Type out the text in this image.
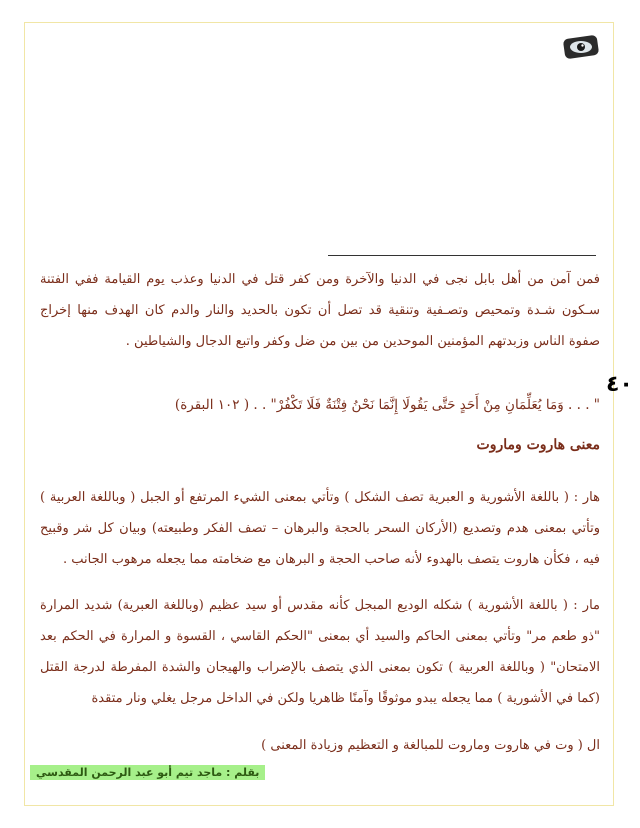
فمن آمن من أهل بابل نجى في الدنيا والآخرة ومن كفر قتل في الدنيا وعذب يوم القيامة ففي الفتنة سـكون شـدة وتمحيص وتصـفية وتنقية قد تصل أن تكون بالحديد والنار والدم كان الهدف منها إخراج صفوة الناس وزبدتهم المؤمنين الموحدين من بين من ضل وكفر واتبع الدجال والشياطين .

٤٠
" . . . وَمَا يُعَلِّمَانِ مِنْ أَحَدٍ حَتَّى يَقُولَا إِنَّمَا نَحْنُ فِتْنَةٌ فَلَا تَكْفُرْ" . . ( ١٠٢ البقرة)
معنى هاروت وماروت

هار : ( باللغة الأشورية و العبرية تصف الشكل ) وتأتي بمعنى الشيء المرتفع أو الجبل ( وباللغة العربية ) وتأتي بمعنى هدم وتصديع (الأركان السحر بالحجة والبرهان – تصف الفكر وطبيعته) وبيان كل شر وقبيح فيه ، فكأن هاروت يتصف بالهدوء لأنه صاحب الحجة و البرهان مع ضخامته مما يجعله مرهوب الجانب .

مار : ( باللغة الأشورية ) شكله الوديع المبجل كأنه مقدس أو سيد عظيم (وباللغة العبرية) شديد المرارة "ذو طعم مر" وتأتي بمعنى الحاكم والسيد أي بمعنى "الحكم القاسي ، القسوة و المرارة في الحكم بعد الامتحان" ( وباللغة العربية ) تكون بمعنى الذي يتصف بالإضراب والهيجان والشدة المفرطة لدرجة القتل (كما في الأشورية ) مما يجعله يبدو موثوقًا وآمنًا ظاهريا ولكن في الداخل مرجل يغلي ونار متقدة

ال ( وت في هاروت وماروت للمبالغة و التعظيم وزيادة المعنى )

بقلم : ماجد تيم أبو عبد الرحمن المقدسي
